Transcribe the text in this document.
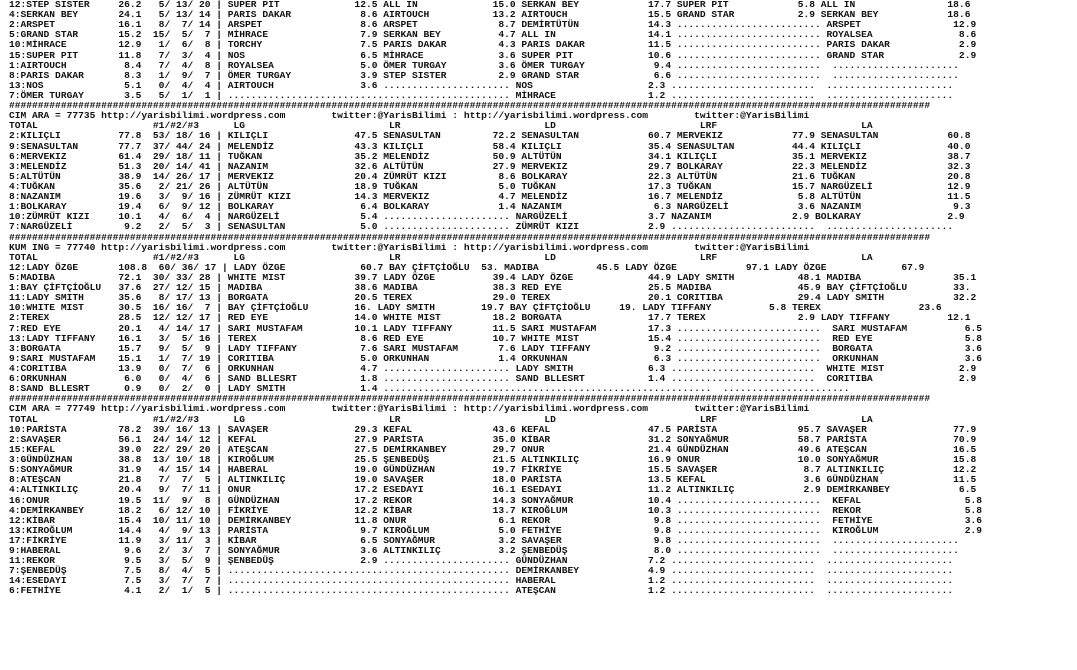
12:STEP SISTER     26.2   5/ 13/ 20 | SUPER PIT             12.5 ALL IN             15.0 SERKAN BEY            17.7 SUPER PIT            5.8 ALL IN                18.6
4:SERKAN BEY       24.1   5/ 13/ 14 | PARIS DAKAR            8.6 AIRTOUCH           13.2 AIRTOUCH              15.5 GRAND STAR           2.9 SERKAN BEY            18.6
2:ARSPET           16.1   8/  7/ 14 | ARSPET                 8.6 ARSPET              8.7 DEMİRTÜTÜN            14.3 ......................... ARSPET                12.9
5:GRAND STAR       15.2  15/  5/  7 | MİHRACE                7.9 SERKAN BEY          4.7 ALL IN                14.1 ......................... ROYALSEA               8.6
10:MİHRACE         12.9   1/  6/  8 | TORCHY                 7.5 PARIS DAKAR         4.3 PARIS DAKAR           11.5 ......................... PARIS DAKAR            2.9
15:SUPER PIT       11.8   7/  3/  4 | NOS                    6.5 MİHRACE             3.6 SUPER PIT             10.6 ......................... GRAND STAR             2.9
1:AIRTOUCH          8.4   7/  4/  8 | ROYALSEA               5.0 ÖMER TURGAY         3.6 ÖMER TURGAY            9.4 .........................  ......................
8:PARIS DAKAR       8.3   1/  9/  7 | ÖMER TURGAY            3.9 STEP SISTER         2.9 GRAND STAR             6.6 .........................  ......................
13:NOS              5.1   0/  4/  4 | AIRTOUCH               3.6 ...................... NOS                    2.3 .........................  ......................
7:ÖMER TURGAY       3.5   5/  1/  1 | ................................................. MİHRACE                1.2 .........................  ......................
################################################################################################################################################################
CIM ARA = 77735 http://yarisbilimi.wordpress.com        twitter:@YarisBilimi : http://yarisbilimi.wordpress.com        twitter:@YarisBilimi
TOTAL                    #1/#2/#3      LG                         LR                         LD                         LRF                         LA
2:KILIÇLI          77.8  53/ 18/ 16 | KILIÇLI               47.5 SENASULTAN         72.2 SENASULTAN            60.7 MERVEKIZ            77.9 SENASULTAN            60.8
9:SENASULTAN       77.7  37/ 44/ 24 | MELENDİZ              43.3 KILIÇLI            58.4 KILIÇLI               35.4 SENASULTAN          44.4 KILIÇLI               40.0
6:MERVEKIZ         61.4  29/ 18/ 11 | TUĞKAN                35.2 MELENDİZ           50.9 ALTÜTÜN               34.1 KILIÇLI             35.1 MERVEKIZ              38.7
3:MELENDİZ         51.3  20/ 14/ 41 | NAZANIM               32.6 ALTÜTÜN            27.9 MERVEKIZ              29.7 BOLKARAY            22.3 MELENDİZ              32.3
5:ALTÜTÜN          38.9  14/ 26/ 17 | MERVEKIZ              20.4 ZÜMRÜT KIZI         8.6 BOLKARAY              22.3 ALTÜTÜN             21.6 TUĞKAN                20.8
4:TUĞKAN           35.6   2/ 21/ 26 | ALTÜTÜN               18.9 TUĞKAN              5.0 TUĞKAN                17.3 TUĞKAN              15.7 NARGÜZELİ             12.9
8:NAZANIM          19.6   3/  9/ 16 | ZÜMRÜT KIZI           14.3 MERVEKIZ            4.7 MELENDİZ              16.7 MELENDİZ             5.8 ALTÜTÜN               11.5
1:BOLKARAY         19.4   6/  9/ 12 | BOLKARAY               6.4 BOLKARAY            1.4 NAZANIM                6.3 NARGÜZELİ            3.6 NAZANIM                9.3
10:ZÜMRÜT KIZI     10.1   4/  6/  4 | NARGÜZELİ              5.4 ...................... NARGÜZELİ              3.7 NAZANIM              2.9 BOLKARAY               2.9
7:NARGÜZELİ         9.2   2/  5/  3 | SENASULTAN             5.0 ...................... ZÜMRÜT KIZI            2.9 .........................  ......................
################################################################################################################################################################
KUM ING = 77740 http://yarisbilimi.wordpress.com        twitter:@YarisBilimi : http://yarisbilimi.wordpress.com        twitter:@YarisBilimi
TOTAL                    #1/#2/#3      LG                         LR                         LD                         LRF                         LA
12:LADY ÖZGE       108.8  60/ 36/ 17 | LADY ÖZGE             60.7 BAY ÇİFTÇİOĞLU  53. MADIBA          45.5 LADY ÖZGE            97.1 LADY ÖZGE             67.9
5:MADIBA           72.1  30/ 33/ 28 | WHITE MIST            39.7 LADY ÖZGE          39.4 LADY ÖZGE             44.9 LADY SMITH           48.1 MADIBA                35.1
1:BAY ÇİFTÇİOĞLU   37.6  27/ 12/ 15 | MADIBA                38.6 MADIBA             38.3 RED EYE               25.5 MADIBA               45.9 BAY ÇİFTÇİOĞLU        33.
11:LADY SMITH      35.6   8/ 17/ 13 | BORGATA               20.5 TEREX              29.0 TEREX                 20.1 CORITIBA             29.4 LADY SMITH            32.2
10:WHITE MIST      30.5  16/ 16/  7 | BAY ÇİFTÇİOĞLU        16. LADY SMITH        19.7 BAY ÇİFTÇİOĞLU     19. LADY TIFFANY          5.8 TEREX                 23.6
2:TEREX            28.5  12/ 12/ 17 | RED EYE               14.0 WHITE MIST         18.2 BORGATA               17.7 TEREX                2.9 LADY TIFFANY          12.1
7:RED EYE          20.1   4/ 14/ 17 | SARI MUSTAFAM         10.1 LADY TIFFANY       11.5 SARI MUSTAFAM         17.3 .........................  SARI MUSTAFAM          6.5
13:LADY TIFFANY    16.1   3/  5/ 16 | TEREX                  8.6 RED EYE            10.7 WHITE MIST            15.4 .........................  RED EYE                5.8
3:BORGATA          15.7   9/  5/  9 | LADY TIFFANY           7.6 SARI MUSTAFAM       7.6 LADY TIFFANY           9.2 .........................  BORGATA                3.6
9:SARI MUSTAFAM    15.1   1/  7/ 19 | CORITIBA               5.0 ORKUNHAN            1.4 ORKUNHAN               6.3 .........................  ORKUNHAN               3.6
4:CORITIBA         13.9   0/  7/  6 | ORKUNHAN               4.7 ...................... LADY SMITH             6.3 .........................  WHITE MIST             2.9
6:ORKUNHAN          6.0   0/  4/  6 | SAND BLLESRT           1.8 ...................... SAND BLLESRT           1.4 .........................  CORITIBA               2.9
8:SAND BLLESRT      0.9   0/  2/  0 | LADY SMITH             1.4 .........................................................  ......................
################################################################################################################################################################
CIM ARA = 77749 http://yarisbilimi.wordpress.com        twitter:@YarisBilimi : http://yarisbilimi.wordpress.com        twitter:@YarisBilimi
TOTAL                    #1/#2/#3      LG                         LR                         LD                         LRF                         LA
10:PARİSTA         78.2  39/ 16/ 13 | SAVAŞER               29.3 KEFAL              43.6 KEFAL                 47.5 PARİSTA              95.7 SAVAŞER               77.9
2:SAVAŞER          56.1  24/ 14/ 12 | KEFAL                 27.9 PARİSTA            35.0 KİBAR                 31.2 SONYAĞMUR            58.7 PARİSTA               70.9
15:KEFAL           39.0  22/ 29/ 20 | ATEŞCAN               27.5 DEMİRKANBEY        29.7 ONUR                  21.4 GÜNDÜZHAN            49.6 ATEŞCAN               16.5
3:GÜNDÜZHAN        38.8  13/ 10/ 18 | KIROĞLUM              25.5 ŞENBEDÜŞ           21.5 ALTINKILIÇ            16.9 ONUR                 10.0 SONYAĞMUR             15.8
5:SONYAĞMUR        31.9   4/ 15/ 14 | HABERAL               19.0 GÜNDÜZHAN          19.7 FİKRİYE               15.5 SAVAŞER               8.7 ALTINKILIÇ            12.2
8:ATEŞCAN          21.8   7/  7/  5 | ALTINKILIÇ            19.0 SAVAŞER            18.0 PARİSTA               13.5 KEFAL                 3.6 GÜNDÜZHAN             11.5
4:ALTINKILIÇ       20.4   9/  7/ 11 | ONUR                  17.2 ESEDAYI            16.1 ESEDAYI               11.2 ALTINKILIÇ            2.9 DEMİRKANBEY            6.5
16:ONUR            19.5  11/  9/  8 | GÜNDÜZHAN             17.2 REKOR              14.3 SONYAĞMUR             10.4 .........................  KEFAL                  5.8
4:DEMİRKANBEY      18.2   6/ 12/ 10 | FİKRİYE               12.2 KİBAR              13.7 KIROĞLUM              10.3 .........................  REKOR                  5.8
12:KİBAR           15.4  10/ 11/ 10 | DEMİRKANBEY           11.8 ONUR                6.1 REKOR                  9.8 .........................  FETHİYE                3.6
13:KIROĞLUM        14.4   4/  9/ 13 | PARİSTA                9.7 KIROĞLUM            5.0 FETHİYE                9.8 .........................  KIROĞLUM               2.9
17:FİKRİYE         11.9   3/ 11/  3 | KİBAR                  6.5 SONYAĞMUR           3.2 SAVAŞER                9.8 .........................  ......................
9:HABERAL           9.6   2/  3/  7 | SONYAĞMUR              3.6 ALTINKILIÇ          3.2 ŞENBEDÜŞ               8.0 .........................  ......................
11:REKOR            9.5   3/  5/  9 | ŞENBEDÜŞ               2.9 ...................... GÜNDÜZHAN              7.2 .........................  ......................
7:ŞENBEDÜŞ          7.5   8/  4/  5 | ................................................. DEMİRKANBEY            4.9 .........................  ......................
14:ESEDAYI          7.5   3/  7/  7 | ................................................. HABERAL                1.2 .........................  ......................
6:FETHİYE           4.1   2/  1/  5 | ................................................. ATEŞCAN                1.2 .........................  ......................
